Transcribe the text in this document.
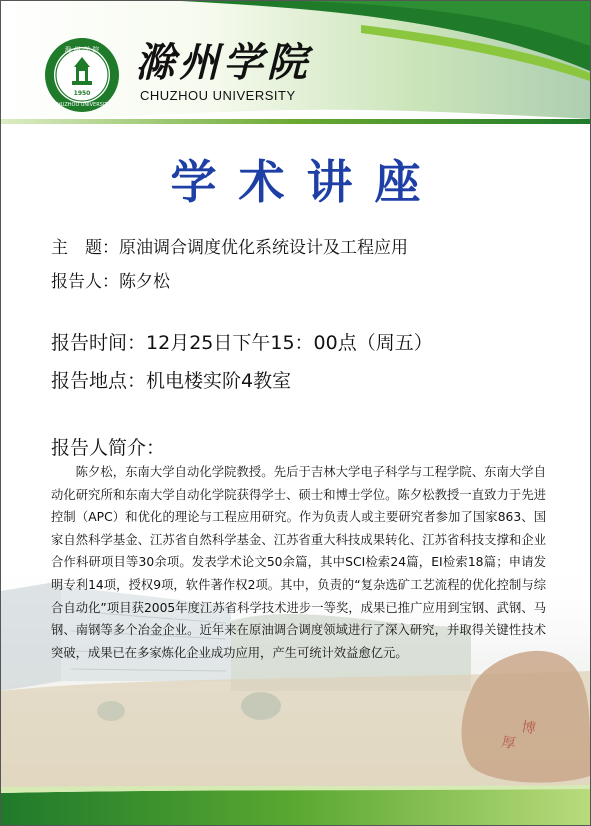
滁 州 学 院
CHUZHOU UNIVERSITY
1950
滁州学院
CHUZHOU UNIVERSITY
学术讲座
博
厚
主　题：原油调合调度优化系统设计及工程应用
报告人：陈夕松
报告时间：12月25日下午15：00点（周五）
报告地点：机电楼实阶4教室
报告人简介：

陈夕松，东南大学自动化学院教授。先后于吉林大学电子科学与工程学院、东南大学自动化研究所和东南大学自动化学院获得学士、硕士和博士学位。陈夕松教授一直致力于先进控制（APC）和优化的理论与工程应用研究。作为负责人或主要研究者参加了国家863、国家自然科学基金、江苏省自然科学基金、江苏省重大科技成果转化、江苏省科技支撑和企业合作科研项目等30余项。发表学术论文50余篇，其中SCI检索24篇，EI检索18篇；申请发明专利14项，授权9项，软件著作权2项。其中，负责的“复杂选矿工艺流程的优化控制与综合自动化”项目获2005年度江苏省科学技术进步一等奖，成果已推广应用到宝钢、武钢、马钢、南钢等多个冶金企业。近年来在原油调合调度领域进行了深入研究，并取得关键性技术突破，成果已在多家炼化企业成功应用，产生可统计效益愈亿元。
